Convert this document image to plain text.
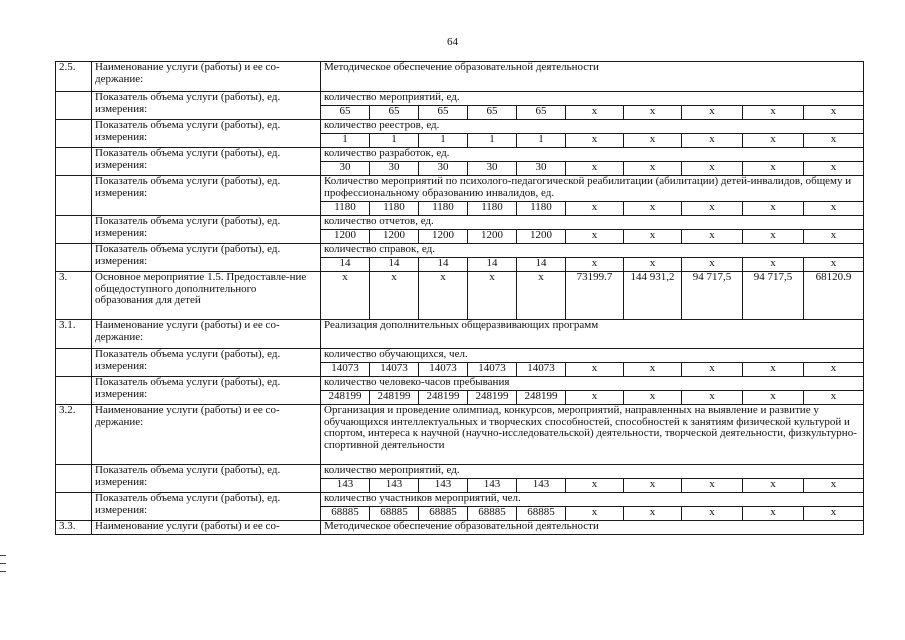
64
2.5.	Наименование услуги (работы) и ее со-держание:	Методическое обеспечение образовательной деятельности									
	Показатель объема услуги (работы), ед. измерения:	количество мероприятий, ед.									
		65	65	65	65	65	x	x	x	x	x
	Показатель объема услуги (работы), ед. измерения:	количество реестров, ед.									
		1	1	1	1	1	x	x	x	x	x
	Показатель объема услуги (работы), ед. измерения:	количество разработок, ед.									
		30	30	30	30	30	x	x	x	x	x
	Показатель объема услуги (работы), ед. измерения:	Количество мероприятий по психолого-педагогической реабилитации (абилитации) детей-инвалидов, общему и профессиональному образованию инвалидов, ед.									
		1180	1180	1180	1180	1180	x	x	x	x	x
	Показатель объема услуги (работы), ед. измерения:	количество отчетов, ед.									
		1200	1200	1200	1200	1200	x	x	x	x	x
	Показатель объема услуги (работы), ед. измерения:	количество справок, ед.									
		14	14	14	14	14	x	x	x	x	x
3.	Основное мероприятие 1.5. Предоставле-ние общедоступного дополнительного образования для детей	x	x	x	x	x	73199.7	144 931,2	94 717,5	94 717,5	68120.9
3.1.	Наименование услуги (работы) и ее со-держание:	Реализация дополнительных общеразвивающих программ									
	Показатель объема услуги (работы), ед. измерения:	количество обучающихся, чел.									
		14073	14073	14073	14073	14073	x	x	x	x	x
	Показатель объема услуги (работы), ед. измерения:	количество человеко-часов пребывания									
		248199	248199	248199	248199	248199	x	x	x	x	x
3.2.	Наименование услуги (работы) и ее со-держание:	Организация и проведение олимпиад, конкурсов, мероприятий, направленных на выявление и развитие у обучающихся интеллектуальных и творческих способностей, способностей к занятиям физической культурой и спортом, интереса к научной (научно-исследовательской) деятельности, творческой деятельности, физкультурно-спортивной деятельности									
	Показатель объема услуги (работы), ед. измерения:	количество мероприятий, ед.									
		143	143	143	143	143	x	x	x	x	x
	Показатель объема услуги (работы), ед. измерения:	количество участников мероприятий, чел.									
		68885	68885	68885	68885	68885	x	x	x	x	x
3.3.	Наименование услуги (работы) и ее со-	Методическое обеспечение образовательной деятельности									
